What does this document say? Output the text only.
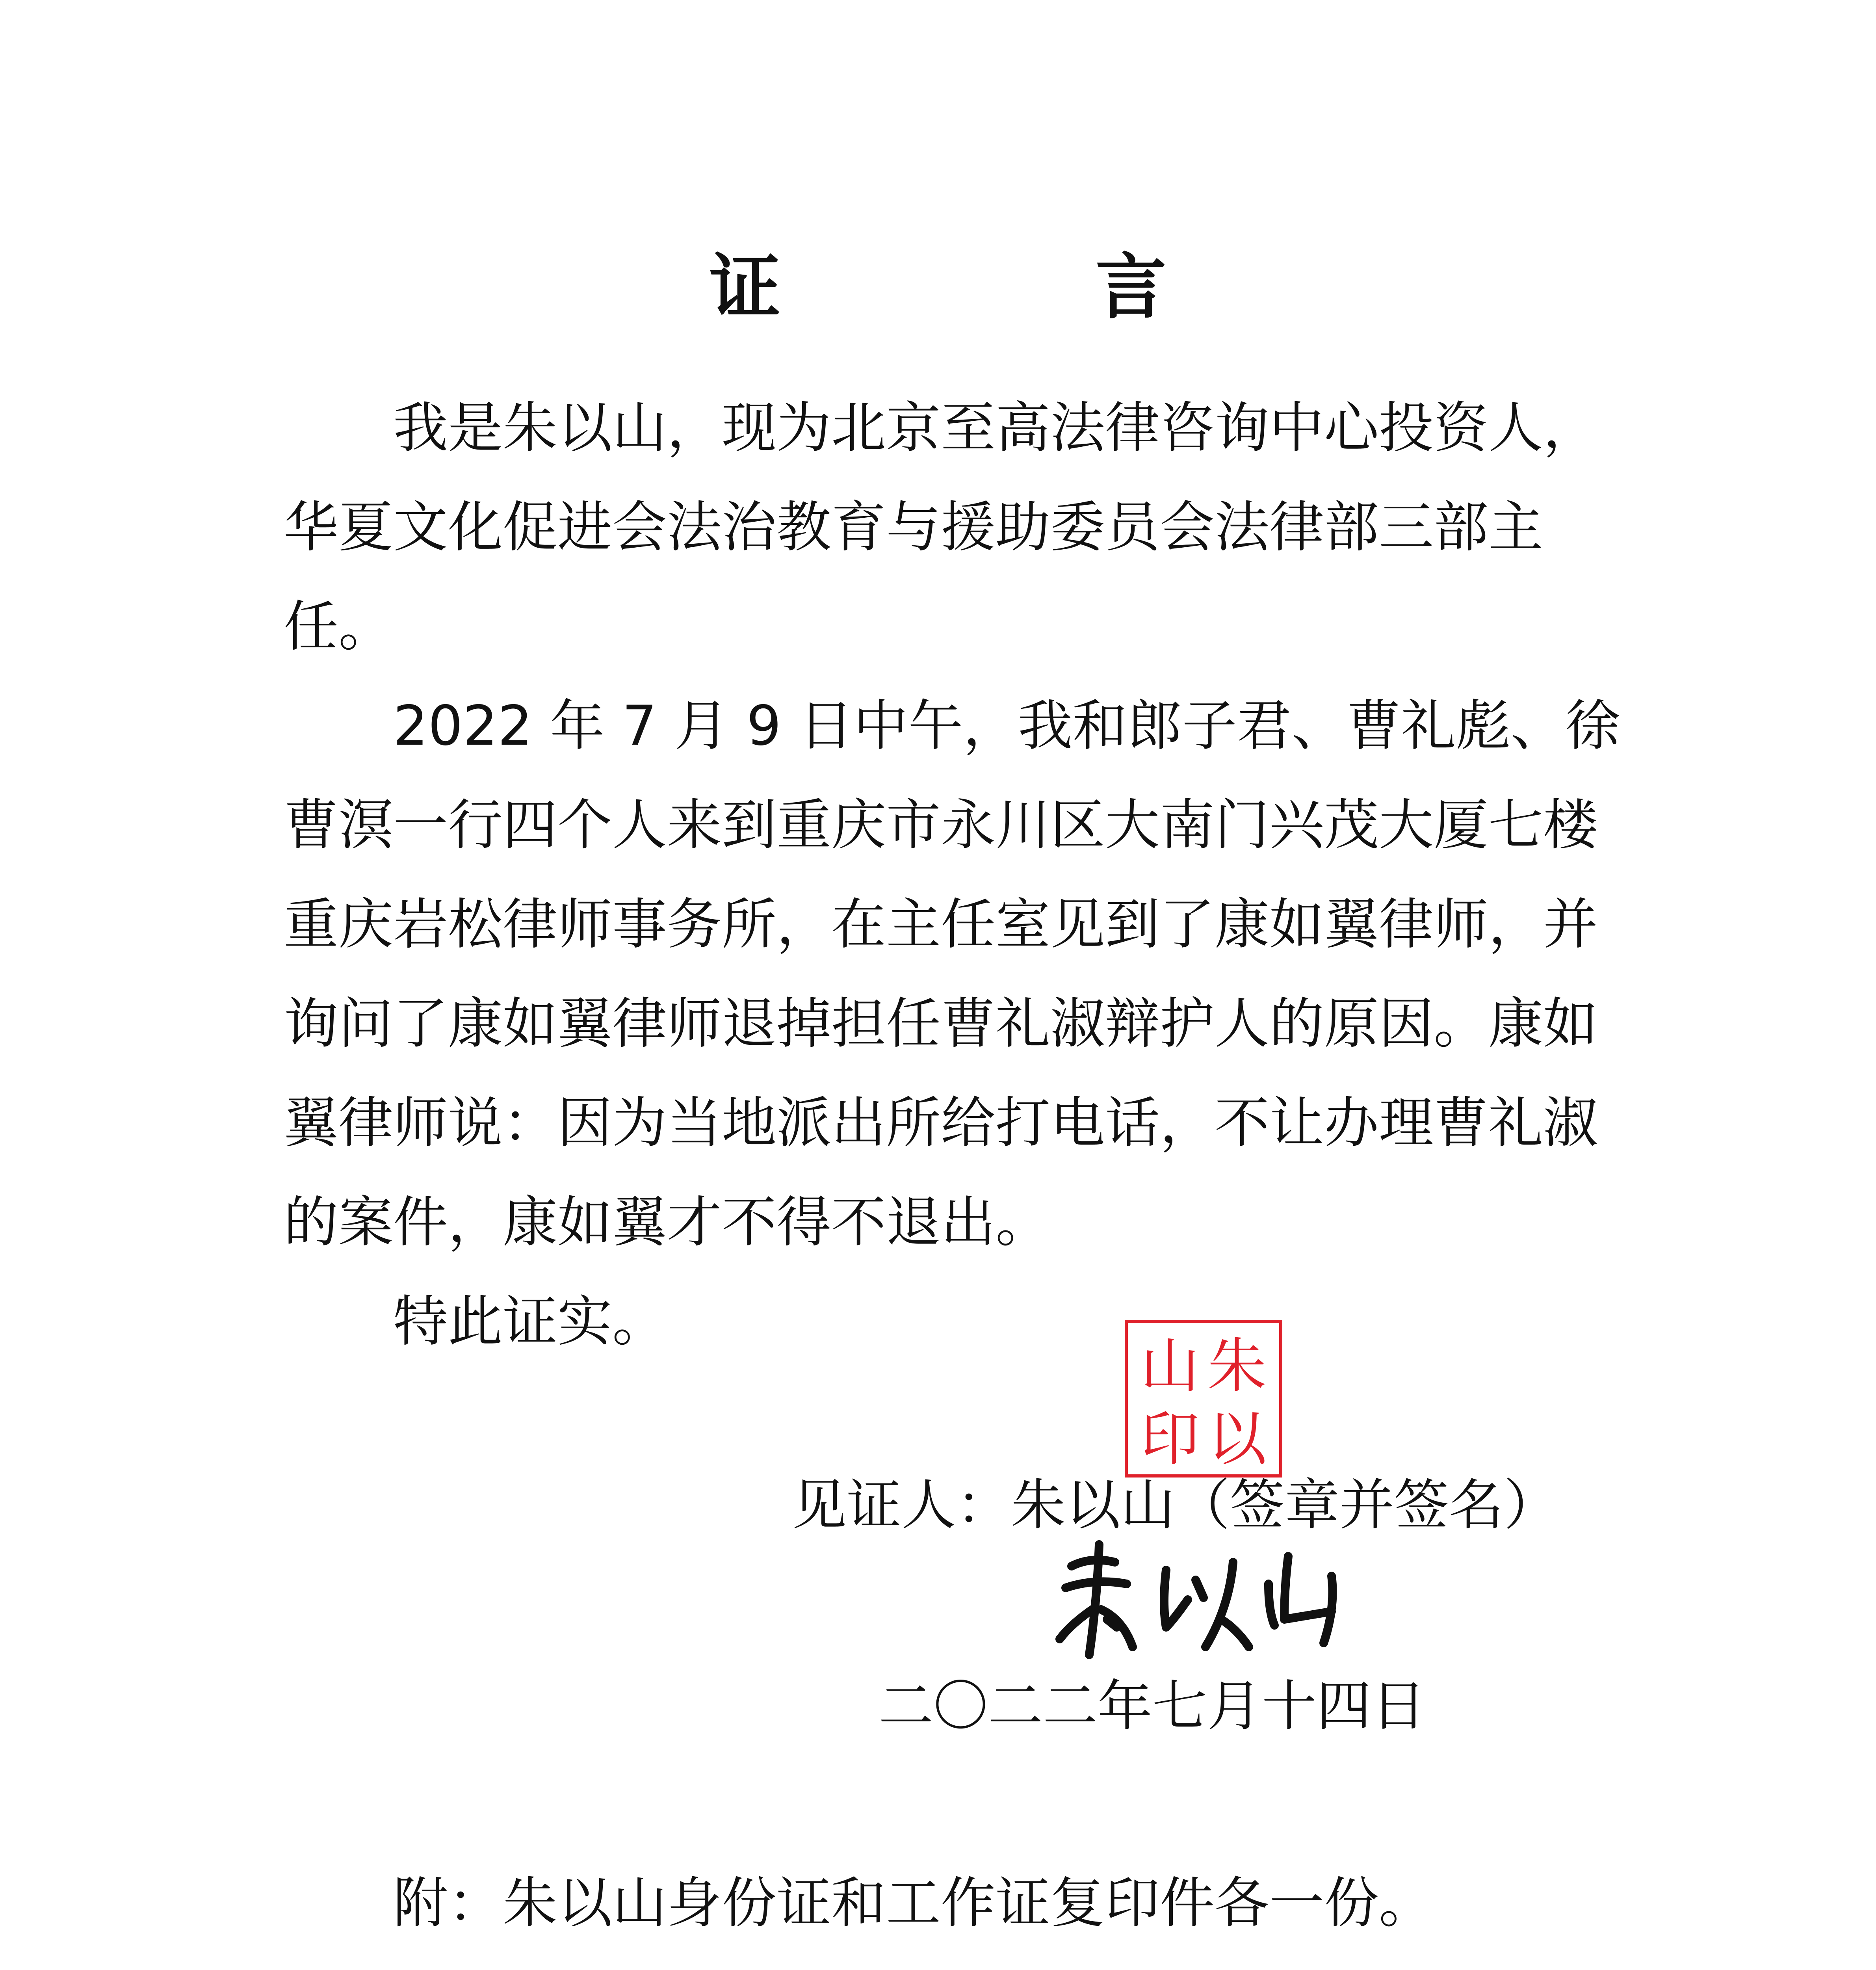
证　言

我是朱以山，现为北京至高法律咨询中心投资人，华夏文化促进会法治教育与援助委员会法律部三部主任。

2022 年 7 月 9 日中午，我和郎子君、曹礼彪、徐曹溟一行四个人来到重庆市永川区大南门兴茂大厦七楼重庆岩松律师事务所，在主任室见到了康如翼律师，并询问了康如翼律师退掉担任曹礼淑辩护人的原因。康如翼律师说：因为当地派出所给打电话，不让办理曹礼淑的案件，康如翼才不得不退出。

特此证实。

朱
以
山
印
见证人：朱以山（签章并签名）
二〇二二年七月十四日
附：朱以山身份证和工作证复印件各一份。
